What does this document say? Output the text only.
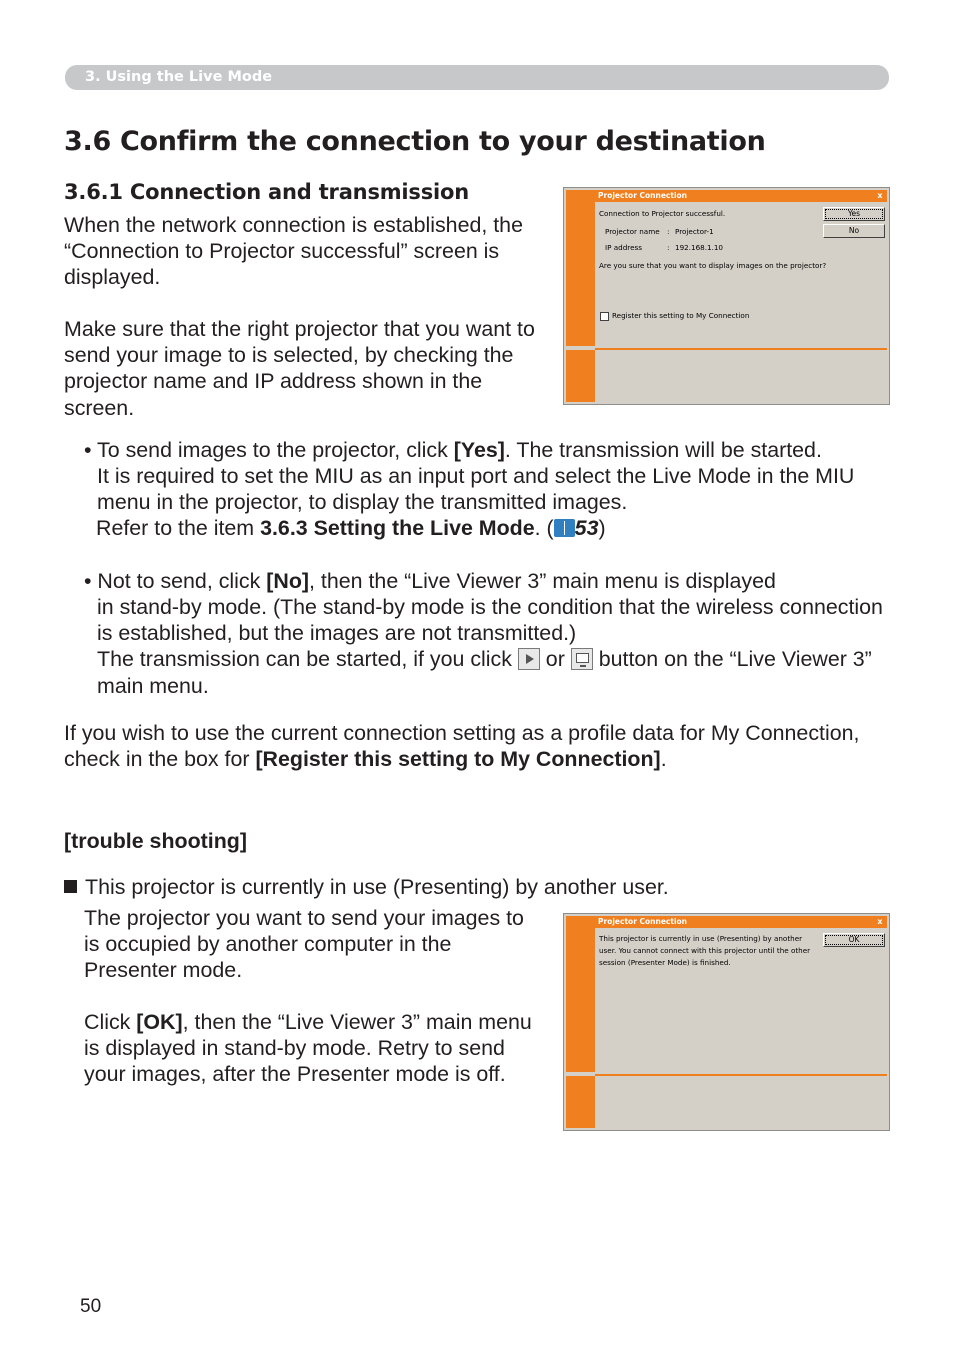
3. Using the Live Mode
3.6 Confirm the connection to your destination
3.6.1 Connection and transmission
When the network connection is established, the “Connection to Projector successful” screen is displayed.
Make sure that the right projector that you want to send your image to is selected, by checking the projector name and IP address shown in the screen.
Projector Connection	x
Connection to Projector successful.
Projector name : Projector-1
IP address	: 192.168.1.10
Are you sure that you want to display images on the projector?
Register this setting to My Connection
Yes
No
• To send images to the projector, click [Yes]. The transmission will be started.
It is required to set the MIU as an input port and select the Live Mode in the MIU menu in the projector, to display the transmitted images.
Refer to the item 3.6.3 Setting the Live Mode. ( 53)
• Not to send, click [No], then the “Live Viewer 3” main menu is displayed
in stand-by mode. (The stand-by mode is the condition that the wireless connection is established, but the images are not transmitted.)
The transmission can be started, if you click
or
button on the “Live Viewer 3” main menu.
If you wish to use the current connection setting as a profile data for My Connection, check in the box for [Register this setting to My Connection].
[trouble shooting]
This projector is currently in use (Presenting) by another user.
The projector you want to send your images to is occupied by another computer in the Presenter mode.
Click [OK], then the “Live Viewer 3” main menu is displayed in stand-by mode. Retry to send your images, after the Presenter mode is off.
Projector Connection	x
This projector is currently in use (Presenting) by another
user. You cannot connect with this projector until the other
session (Presenter Mode) is finished.
OK
50
